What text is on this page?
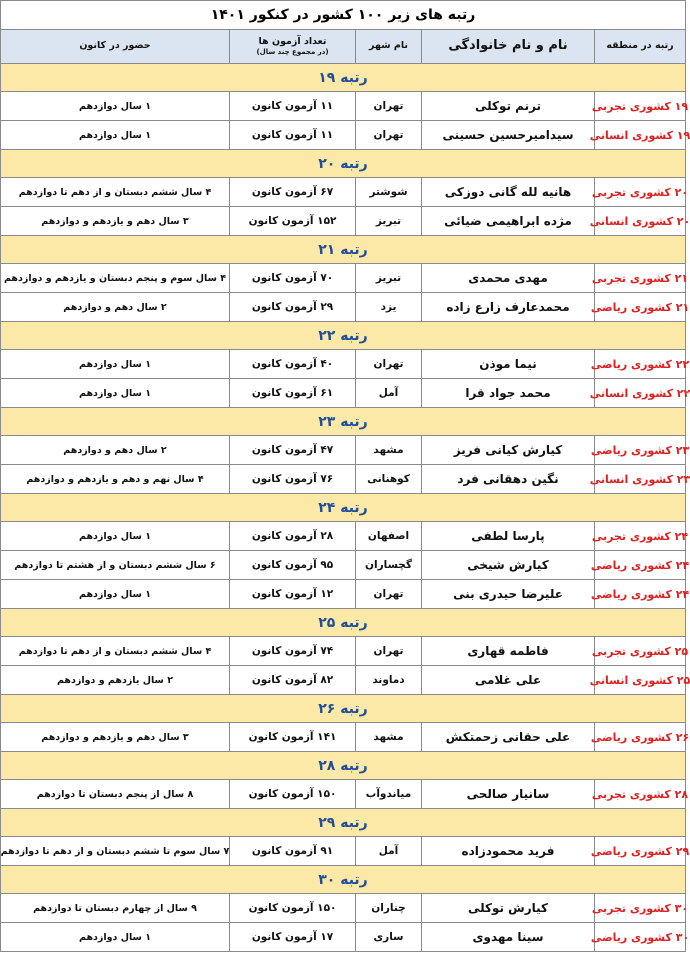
رتبه های زیر ۱۰۰ کشور در کنکور ۱۴۰۱
رتبه در منطقه
نام و نام خانوادگی
نام شهر
تعداد آزمون ها
(در مجموع چند سال)
حضور در کانون
رتبه ۱۹
۱۹ کشوری تجربی
ترنم توکلی
تهران
۱۱ آزمون کانون
۱ سال دوازدهم
۱۹ کشوری انسانی
سیدامیرحسین حسینی
تهران
۱۱ آزمون کانون
۱ سال دوازدهم
رتبه ۲۰
۲۰ کشوری تجربی
هانیه لله گانی دوزکی
شوشتر
۶۷ آزمون کانون
۴ سال ششم دبستان و از دهم تا دوازدهم
۲۰ کشوری انسانی
مژده ابراهیمی ضیائی
تبریز
۱۵۲ آزمون کانون
۳ سال دهم و یازدهم و دوازدهم
رتبه ۲۱
۲۱ کشوری تجربی
مهدی محمدی
تبریز
۷۰ آزمون کانون
۴ سال سوم و پنجم دبستان و یازدهم و دوازدهم
۲۱ کشوری ریاضی
محمدعارف زارع زاده
یزد
۲۹ آزمون کانون
۲ سال دهم و دوازدهم
رتبه ۲۲
۲۲ کشوری ریاضی
نیما موذن
تهران
۴۰ آزمون کانون
۱ سال دوازدهم
۲۲ کشوری انسانی
محمد جواد قرا
آمل
۶۱ آزمون کانون
۱ سال دوازدهم
رتبه ۲۳
۲۳ کشوری ریاضی
کیارش کیانی فریز
مشهد
۴۷ آزمون کانون
۲ سال دهم و دوازدهم
۲۳ کشوری انسانی
نگین دهقانی فرد
کوهنانی
۷۶ آزمون کانون
۴ سال نهم و دهم و یازدهم و دوازدهم
رتبه ۲۴
۲۴ کشوری تجربی
پارسا لطفی
اصفهان
۲۸ آزمون کانون
۱ سال دوازدهم
۲۴ کشوری ریاضی
کیارش شیخی
گچساران
۹۵ آزمون کانون
۶ سال ششم دبستان و از هشتم تا دوازدهم
۲۴ کشوری ریاضی
علیرضا حیدری بنی
تهران
۱۲ آزمون کانون
۱ سال دوازدهم
رتبه ۲۵
۲۵ کشوری تجربی
فاطمه قهاری
تهران
۷۴ آزمون کانون
۴ سال ششم دبستان و از دهم تا دوازدهم
۲۵ کشوری انسانی
علی غلامی
دماوند
۸۲ آزمون کانون
۲ سال یازدهم و دوازدهم
رتبه ۲۶
۲۶ کشوری ریاضی
علی حقانی زحمتکش
مشهد
۱۴۱ آزمون کانون
۳ سال دهم و یازدهم و دوازدهم
رتبه ۲۸
۲۸ کشوری تجربی
سانیار صالحی
میاندوآب
۱۵۰ آزمون کانون
۸ سال از پنجم دبستان تا دوازدهم
رتبه ۲۹
۲۹ کشوری ریاضی
فرید محمودزاده
آمل
۹۱ آزمون کانون
۷ سال سوم تا ششم دبستان و از دهم تا دوازدهم
رتبه ۳۰
۳۰ کشوری تجربی
کیارش توکلی
چناران
۱۵۰ آزمون کانون
۹ سال از چهارم دبستان تا دوازدهم
۳۰ کشوری ریاضی
سینا مهدوی
ساری
۱۷ آزمون کانون
۱ سال دوازدهم
